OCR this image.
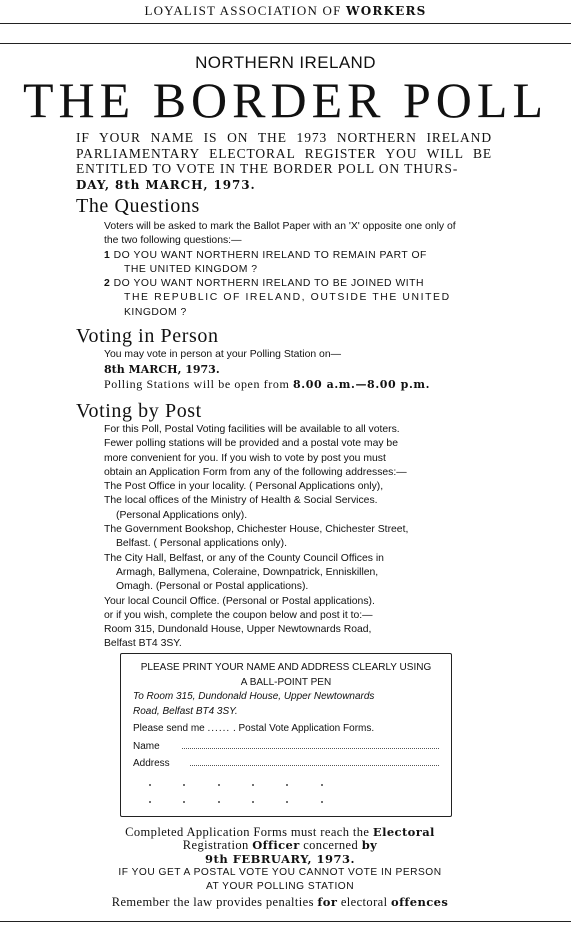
LOYALIST ASSOCIATION OF WORKERS
NORTHERN IRELAND
THE BORDER POLL
IF YOUR NAME IS ON THE 1973 NORTHERN IRELAND PARLIAMENTARY ELECTORAL REGISTER YOU WILL BE ENTITLED TO VOTE IN THE BORDER POLL ON THURS-
DAY, 8th MARCH, 1973.
The Questions

Voters will be asked to mark the Ballot Paper with an 'X' opposite one only of the two following questions:—

1 DO YOU WANT NORTHERN IRELAND TO REMAIN PART OF

THE UNITED KINGDOM ?

2 DO YOU WANT NORTHERN IRELAND TO BE JOINED WITH

THE REPUBLIC OF IRELAND, OUTSIDE THE UNITED

KINGDOM ?

Voting in Person

You may vote in person at your Polling Station on—

8th MARCH, 1973.

Polling Stations will be open from 8.00 a.m.—8.00 p.m.

Voting by Post

For this Poll, Postal Voting facilities will be available to all voters.

Fewer polling stations will be provided and a postal vote may be

more convenient for you. If you wish to vote by post you must

obtain an Application Form from any of the following addresses:—

The Post Office in your locality. ( Personal Applications only),

The local offices of the Ministry of Health & Social Services.

(Personal Applications only).

The Government Bookshop, Chichester House, Chichester Street,

Belfast. ( Personal applications only).

The City Hall, Belfast, or any of the County Council Offices in

Armagh, Ballymena, Coleraine, Downpatrick, Enniskillen,

Omagh. (Personal or Postal applications).

Your local Council Office. (Personal or Postal applications).

or if you wish, complete the coupon below and post it to:—

Room 315, Dundonald House, Upper Newtownards Road,

Belfast BT4 3SY.

PLEASE PRINT YOUR NAME AND ADDRESS CLEARLY USING
A BALL-POINT PEN
To Room 315, Dundonald House, Upper Newtownards
Road, Belfast BT4 3SY.
Please send me ...... . Postal Vote Application Forms.
Name
Address
Completed Application Forms must reach the Electoral
Registration Officer concerned by
9th FEBRUARY, 1973.
IF YOU GET A POSTAL VOTE YOU CANNOT VOTE IN PERSON
AT YOUR POLLING STATION
Remember the law provides penalties for electoral offences
